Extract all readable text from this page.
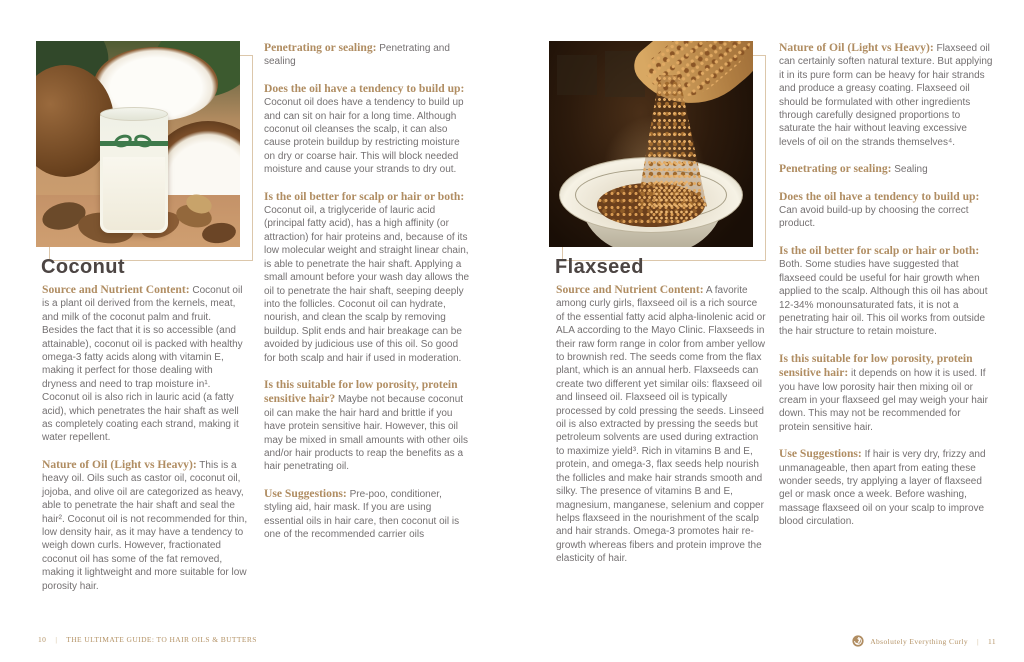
Coconut

Source and Nutrient Content: Coconut oil is a plant oil derived from the kernels, meat, and milk of the coconut palm and fruit. Besides the fact that it is so accessible (and attainable), coconut oil is packed with healthy omega-3 fatty acids along with vitamin E, making it perfect for those dealing with dryness and need to trap moisture in¹. Coconut oil is also rich in lauric acid (a fatty acid), which penetrates the hair shaft as well as completely coating each strand, making it water repellent.

Nature of Oil (Light vs Heavy): This is a heavy oil. Oils such as castor oil, coconut oil, jojoba, and olive oil are categorized as heavy, able to penetrate the hair shaft and seal the hair². Coconut oil is not recommended for thin, low density hair, as it may have a tendency to weigh down curls. However, fractionated coconut oil has some of the fat removed, making it lightweight and more suitable for low porosity hair.

Penetrating or sealing: Penetrating and sealing

Does the oil have a tendency to build up: Coconut oil does have a tendency to build up and can sit on hair for a long time. Although coconut oil cleanses the scalp, it can also cause protein buildup by restricting moisture on dry or coarse hair. This will block needed moisture and cause your strands to dry out.

Is the oil better for scalp or hair or both: Coconut oil, a triglyceride of lauric acid (principal fatty acid), has a high affinity (or attraction) for hair proteins and, because of its low molecular weight and straight linear chain, is able to penetrate the hair shaft. Applying a small amount before your wash day allows the oil to penetrate the hair shaft, seeping deeply into the follicles. Coconut oil can hydrate, nourish, and clean the scalp by removing buildup. Split ends and hair breakage can be avoided by judicious use of this oil. So good for both scalp and hair if used in moderation.

Is this suitable for low porosity, protein sensitive hair? Maybe not because coconut oil can make the hair hard and brittle if you have protein sensitive hair. However, this oil may be mixed in small amounts with other oils and/or hair products to reap the benefits as a hair penetrating oil.

Use Suggestions: Pre-poo, conditioner, styling aid, hair mask. If you are using essential oils in hair care, then coconut oil is one of the recommended carrier oils

Flaxseed

Source and Nutrient Content: A favorite among curly girls, flaxseed oil is a rich source of the essential fatty acid alpha-linolenic acid or ALA according to the Mayo Clinic. Flaxseeds in their raw form range in color from amber yellow to brownish red. The seeds come from the flax plant, which is an annual herb. Flaxseeds can create two different yet similar oils: flaxseed oil and linseed oil. Flaxseed oil is typically processed by cold pressing the seeds. Linseed oil is also extracted by pressing the seeds but petroleum solvents are used during extraction to maximize yield³. Rich in vitamins B and E, protein, and omega-3, flax seeds help nourish the follicles and make hair strands smooth and silky. The presence of vitamins B and E, magnesium, manganese, selenium and copper helps flaxseed in the nourishment of the scalp and hair strands. Omega-3 promotes hair re-growth whereas fibers and protein improve the elasticity of hair.

Nature of Oil (Light vs Heavy): Flaxseed oil can certainly soften natural texture. But applying it in its pure form can be heavy for hair strands and produce a greasy coating. Flaxseed oil should be formulated with other ingredients through carefully designed proportions to saturate the hair without leaving excessive levels of oil on the strands themselves⁴.

Penetrating or sealing: Sealing

Does the oil have a tendency to build up: Can avoid build-up by choosing the correct product.

Is the oil better for scalp or hair or both: Both. Some studies have suggested that flaxseed could be useful for hair growth when applied to the scalp. Although this oil has about 12-34% monounsaturated fats, it is not a penetrating hair oil. This oil works from outside the hair structure to retain moisture.

Is this suitable for low porosity, protein sensitive hair: it depends on how it is used. If you have low porosity hair then mixing oil or cream in your flaxseed gel may weigh your hair down. This may not be recommended for protein sensitive hair.

Use Suggestions: If hair is very dry, frizzy and unmanageable, then apart from eating these wonder seeds, try applying a layer of flaxseed gel or mask once a week. Before washing, massage flaxseed oil on your scalp to improve blood circulation.

10 | THE ULTIMATE GUIDE: TO HAIR OILS & BUTTERS	Absolutely Everything Curly | 11
